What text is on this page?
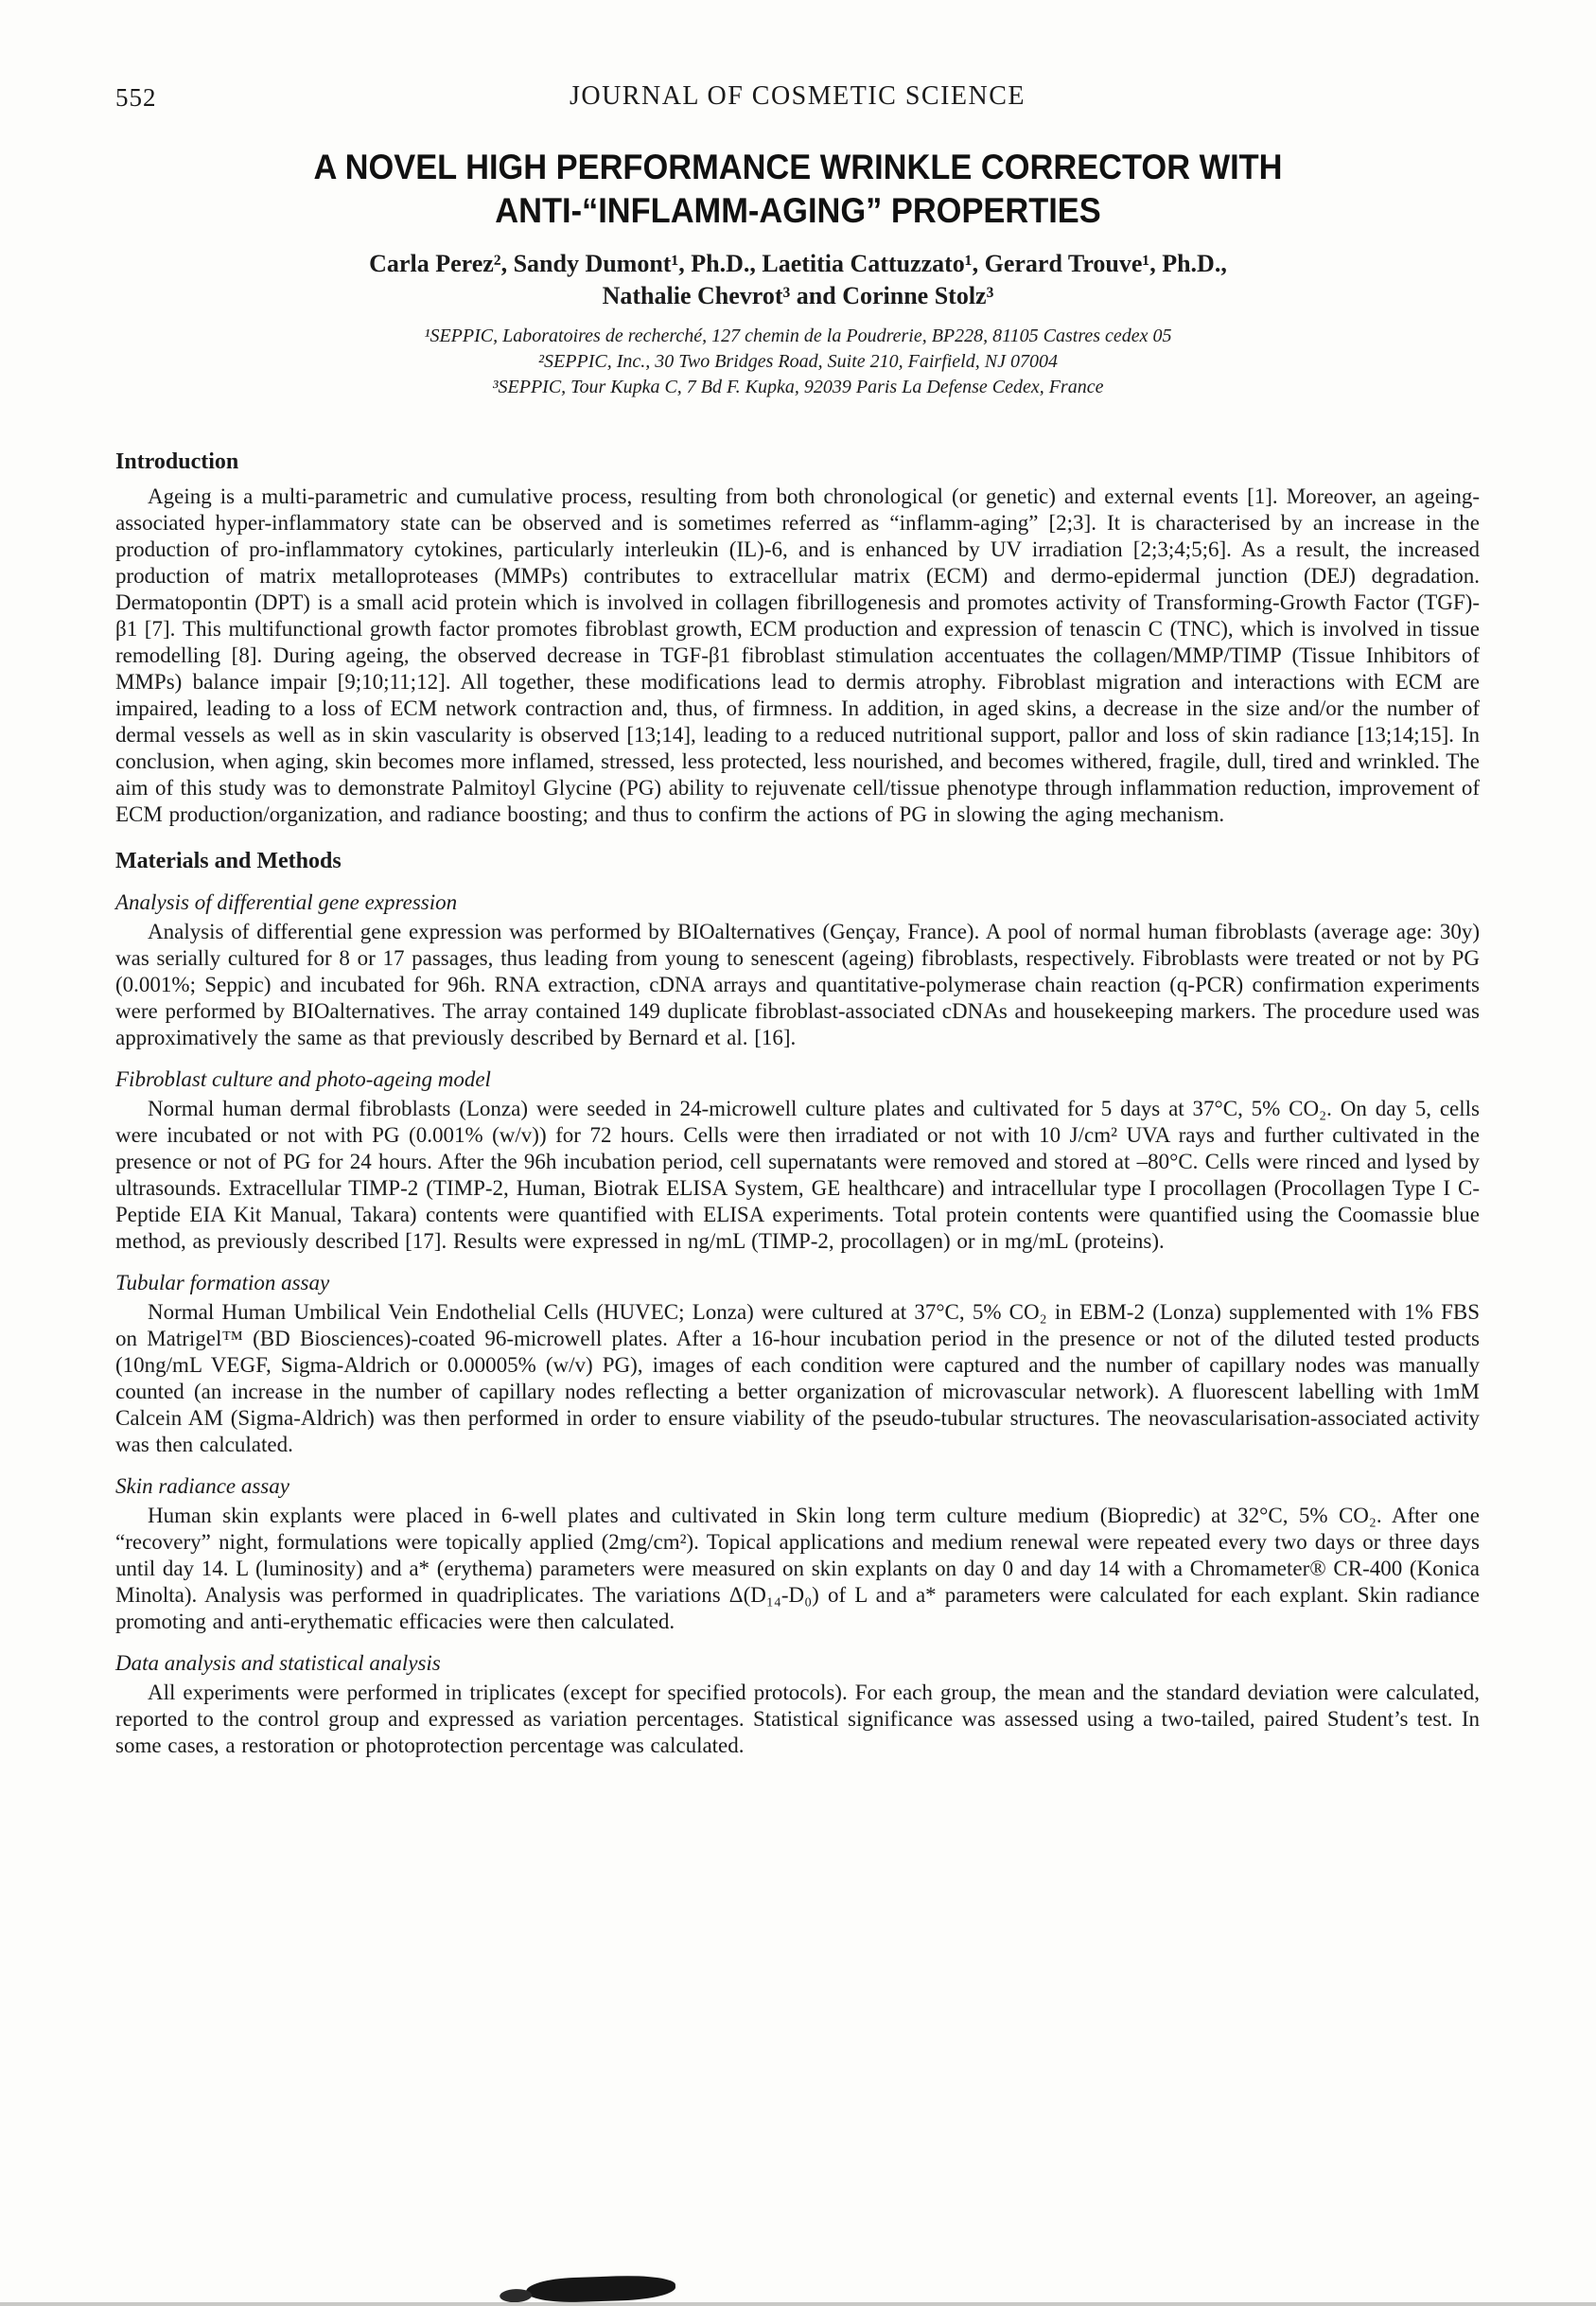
552	JOURNAL OF COSMETIC SCIENCE
A NOVEL HIGH PERFORMANCE WRINKLE CORRECTOR WITH
ANTI-“INFLAMM-AGING” PROPERTIES
Carla Perez², Sandy Dumont¹, Ph.D., Laetitia Cattuzzato¹, Gerard Trouve¹, Ph.D.,
Nathalie Chevrot³ and Corinne Stolz³
¹SEPPIC, Laboratoires de recherché, 127 chemin de la Poudrerie, BP228, 81105 Castres cedex 05
²SEPPIC, Inc., 30 Two Bridges Road, Suite 210, Fairfield, NJ 07004
³SEPPIC, Tour Kupka C, 7 Bd F. Kupka, 92039 Paris La Defense Cedex, France
Introduction

Ageing is a multi-parametric and cumulative process, resulting from both chronological (or genetic) and external events [1]. Moreover, an ageing-associated hyper-inflammatory state can be observed and is sometimes referred as “inflamm-aging” [2;3]. It is characterised by an increase in the production of pro-inflammatory cytokines, particularly interleukin (IL)-6, and is enhanced by UV irradiation [2;3;4;5;6]. As a result, the increased production of matrix metalloproteases (MMPs) contributes to extracellular matrix (ECM) and dermo-epidermal junction (DEJ) degradation. Dermatopontin (DPT) is a small acid protein which is involved in collagen fibrillogenesis and promotes activity of Transforming-Growth Factor (TGF)-β1 [7]. This multifunctional growth factor promotes fibroblast growth, ECM production and expression of tenascin C (TNC), which is involved in tissue remodelling [8]. During ageing, the observed decrease in TGF-β1 fibroblast stimulation accentuates the collagen/MMP/TIMP (Tissue Inhibitors of MMPs) balance impair [9;10;11;12]. All together, these modifications lead to dermis atrophy. Fibroblast migration and interactions with ECM are impaired, leading to a loss of ECM network contraction and, thus, of firmness. In addition, in aged skins, a decrease in the size and/or the number of dermal vessels as well as in skin vascularity is observed [13;14], leading to a reduced nutritional support, pallor and loss of skin radiance [13;14;15]. In conclusion, when aging, skin becomes more inflamed, stressed, less protected, less nourished, and becomes withered, fragile, dull, tired and wrinkled. The aim of this study was to demonstrate Palmitoyl Glycine (PG) ability to rejuvenate cell/tissue phenotype through inflammation reduction, improvement of ECM production/organization, and radiance boosting; and thus to confirm the actions of PG in slowing the aging mechanism.

Materials and Methods
Analysis of differential gene expression

Analysis of differential gene expression was performed by BIOalternatives (Gençay, France). A pool of normal human fibroblasts (average age: 30y) was serially cultured for 8 or 17 passages, thus leading from young to senescent (ageing) fibroblasts, respectively. Fibroblasts were treated or not by PG (0.001%; Seppic) and incubated for 96h. RNA extraction, cDNA arrays and quantitative-polymerase chain reaction (q-PCR) confirmation experiments were performed by BIOalternatives. The array contained 149 duplicate fibroblast-associated cDNAs and housekeeping markers. The procedure used was approximatively the same as that previously described by Bernard et al. [16].

Fibroblast culture and photo-ageing model

Normal human dermal fibroblasts (Lonza) were seeded in 24-microwell culture plates and cultivated for 5 days at 37°C, 5% CO₂. On day 5, cells were incubated or not with PG (0.001% (w/v)) for 72 hours. Cells were then irradiated or not with 10 J/cm² UVA rays and further cultivated in the presence or not of PG for 24 hours. After the 96h incubation period, cell supernatants were removed and stored at –80°C. Cells were rinced and lysed by ultrasounds. Extracellular TIMP-2 (TIMP-2, Human, Biotrak ELISA System, GE healthcare) and intracellular type I procollagen (Procollagen Type I C-Peptide EIA Kit Manual, Takara) contents were quantified with ELISA experiments. Total protein contents were quantified using the Coomassie blue method, as previously described [17]. Results were expressed in ng/mL (TIMP-2, procollagen) or in mg/mL (proteins).

Tubular formation assay

Normal Human Umbilical Vein Endothelial Cells (HUVEC; Lonza) were cultured at 37°C, 5% CO₂ in EBM-2 (Lonza) supplemented with 1% FBS on Matrigel™ (BD Biosciences)-coated 96-microwell plates. After a 16-hour incubation period in the presence or not of the diluted tested products (10ng/mL VEGF, Sigma-Aldrich or 0.00005% (w/v) PG), images of each condition were captured and the number of capillary nodes was manually counted (an increase in the number of capillary nodes reflecting a better organization of microvascular network). A fluorescent labelling with 1mM Calcein AM (Sigma-Aldrich) was then performed in order to ensure viability of the pseudo-tubular structures. The neovascularisation-associated activity was then calculated.

Skin radiance assay

Human skin explants were placed in 6-well plates and cultivated in Skin long term culture medium (Biopredic) at 32°C, 5% CO₂. After one “recovery” night, formulations were topically applied (2mg/cm²). Topical applications and medium renewal were repeated every two days or three days until day 14. L (luminosity) and a* (erythema) parameters were measured on skin explants on day 0 and day 14 with a Chromameter® CR-400 (Konica Minolta). Analysis was performed in quadriplicates. The variations Δ(D₁₄-D₀) of L and a* parameters were calculated for each explant. Skin radiance promoting and anti-erythematic efficacies were then calculated.

Data analysis and statistical analysis

All experiments were performed in triplicates (except for specified protocols). For each group, the mean and the standard deviation were calculated, reported to the control group and expressed as variation percentages. Statistical significance was assessed using a two-tailed, paired Student’s test. In some cases, a restoration or photoprotection percentage was calculated.
